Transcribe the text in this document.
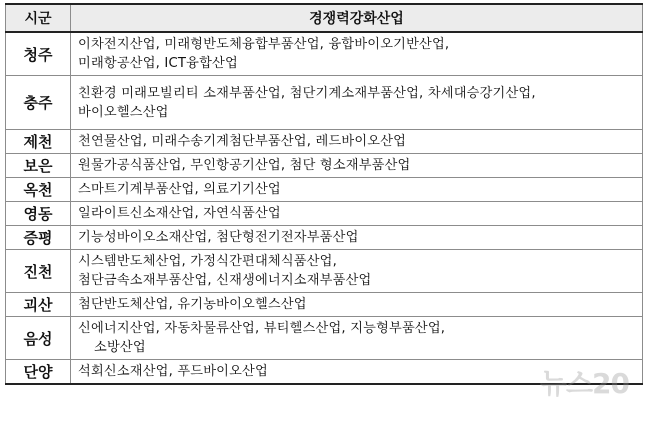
시군	경쟁력강화산업
청주	이차전지산업, 미래형반도체융합부품산업, 융합바이오기반산업,
미래항공산업, ICT융합산업

충주	친환경 미래모빌리티 소재부품산업, 첨단기계소재부품산업, 차세대승강기산업,
바이오헬스산업

제천	천연물산업, 미래수송기계첨단부품산업, 레드바이오산업

보은	원물가공식품산업, 무인항공기산업, 첨단 형소재부품산업

옥천	스마트기계부품산업, 의료기기산업

영동	일라이트신소재산업, 자연식품산업

증평	기능성바이오소재산업, 첨단형전기전자부품산업

진천	시스템반도체산업, 가정식간편대체식품산업,
첨단금속소재부품산업, 신재생에너지소재부품산업

괴산	첨단반도체산업, 유기농바이오헬스산업

음성	신에너지산업, 자동차물류산업, 뷰티헬스산업, 지능형부품산업,
소방산업

단양	석회신소재산업, 푸드바이오산업	뉴스20
